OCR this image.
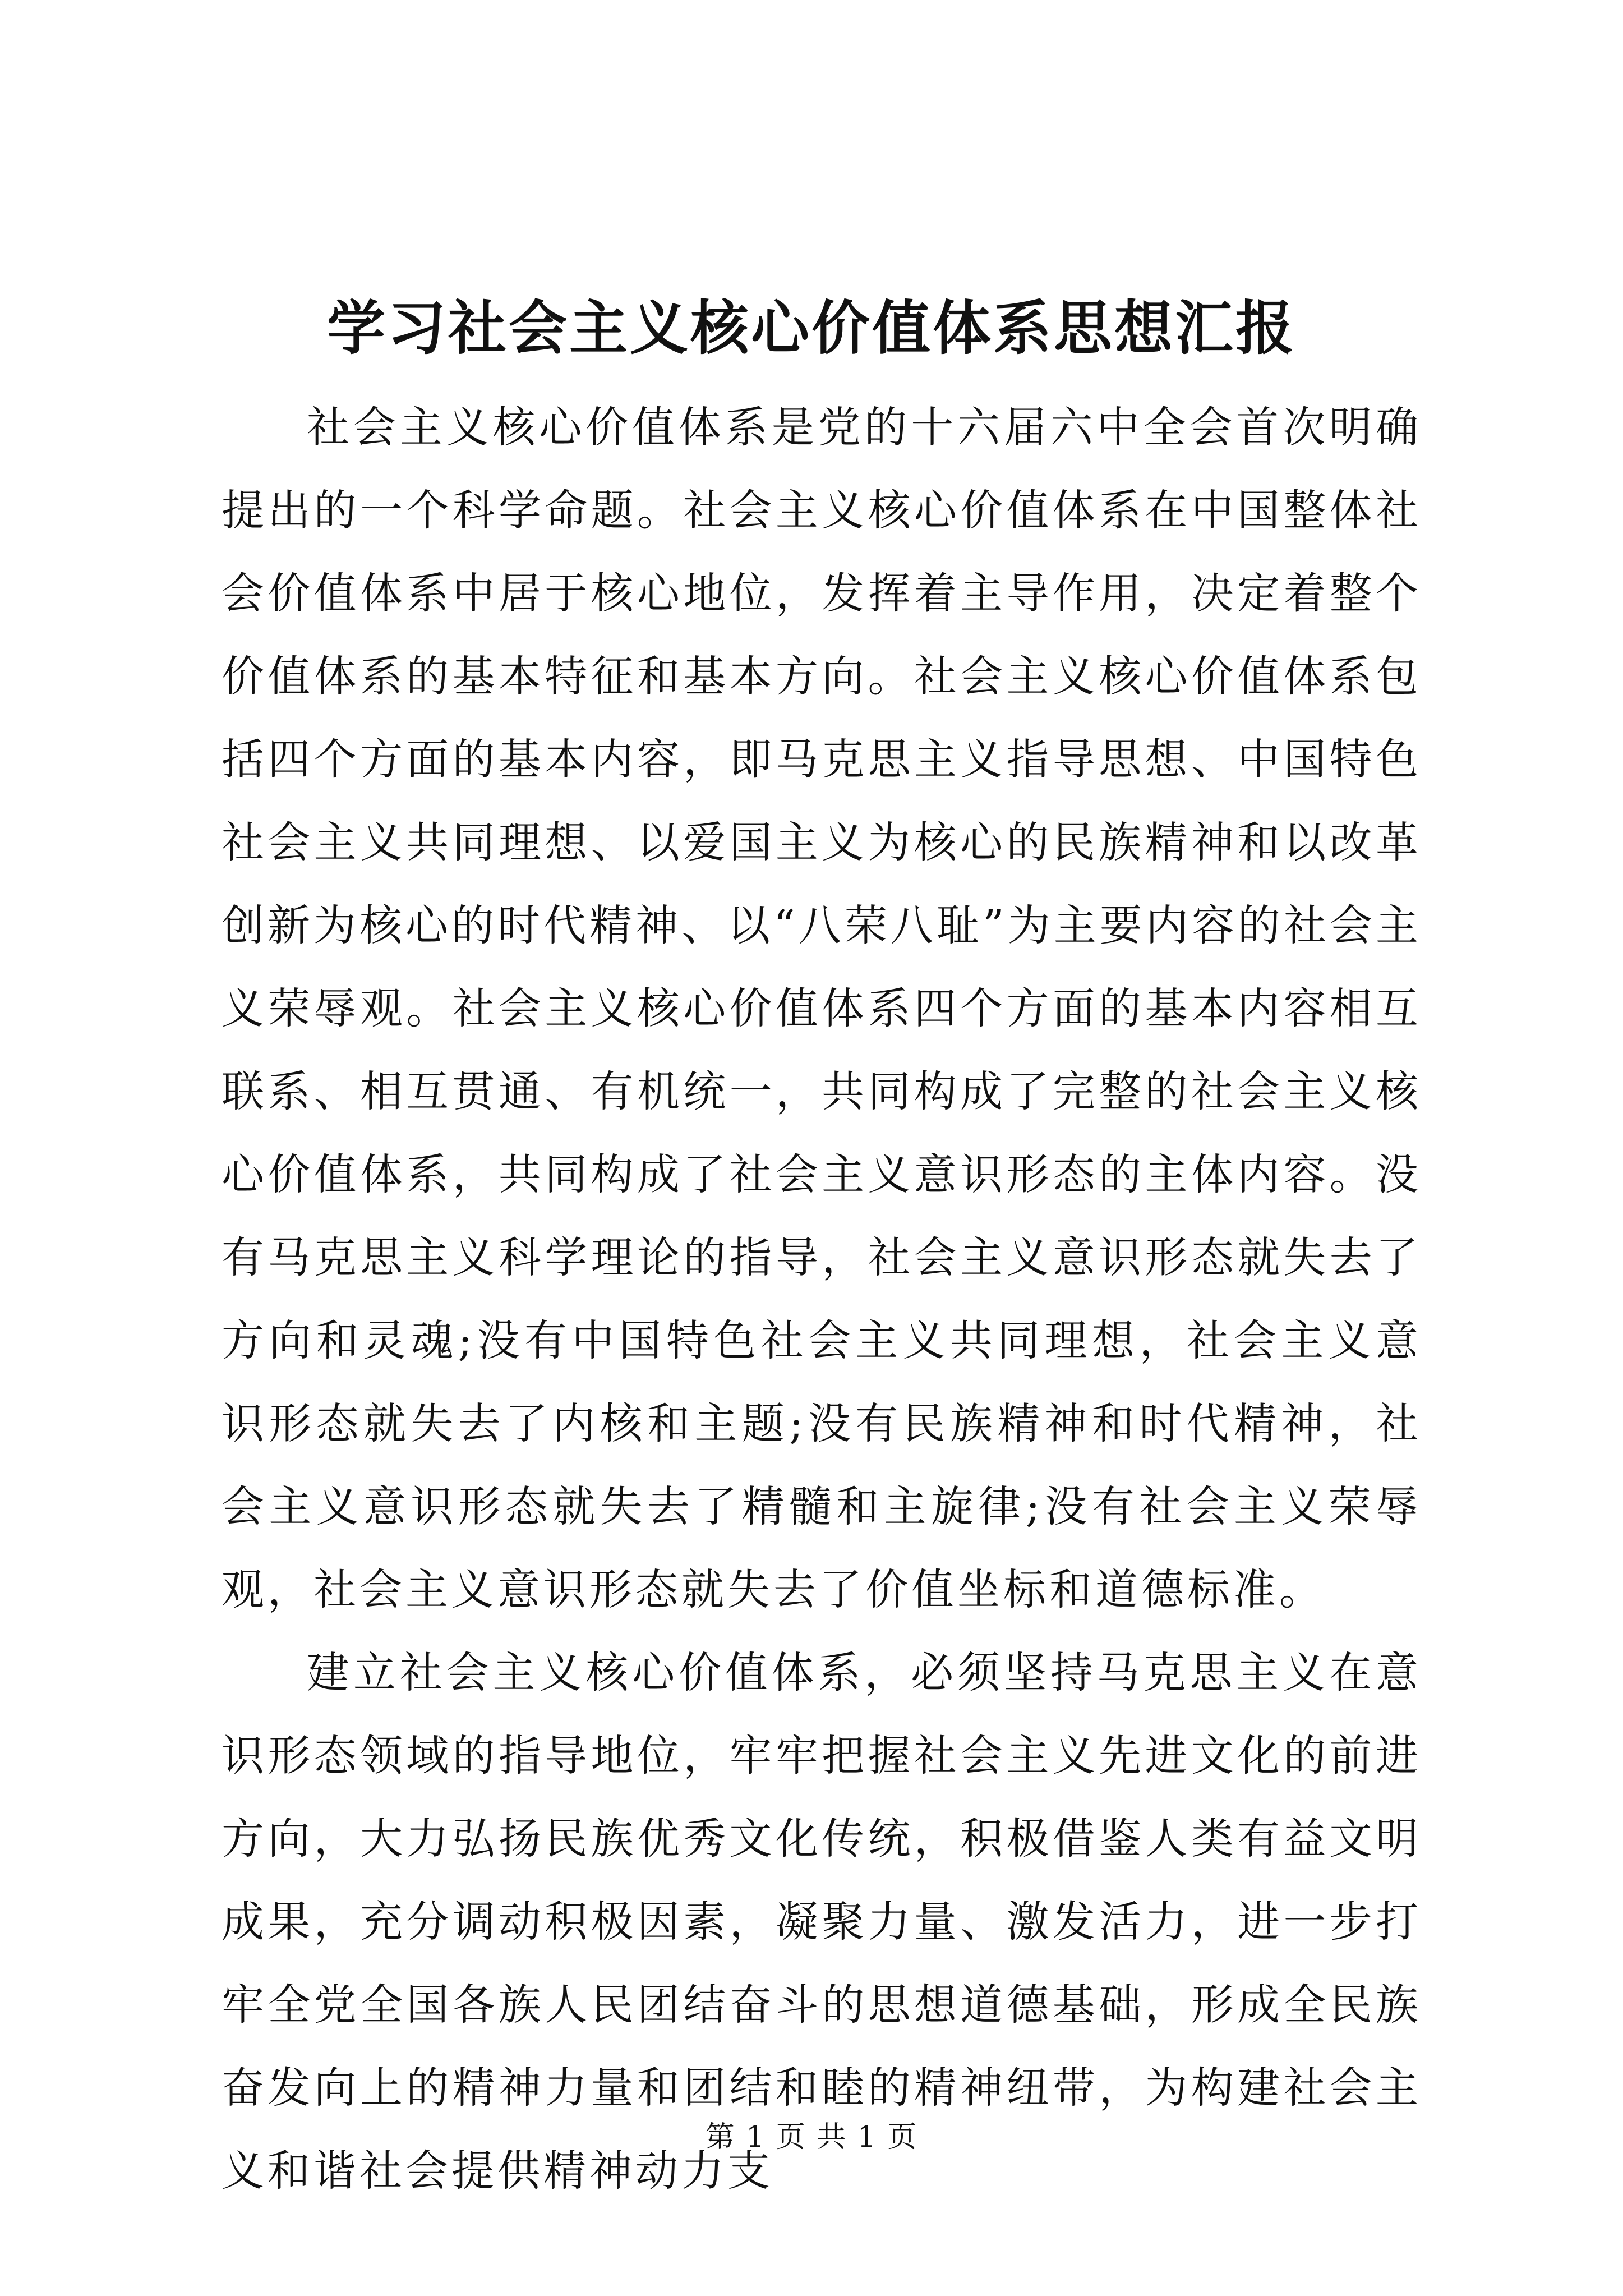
学习社会主义核心价值体系思想汇报

社会主义核心价值体系是党的十六届六中全会首次明确提出的一个科学命题。社会主义核心价值体系在中国整体社会价值体系中居于核心地位，发挥着主导作用，决定着整个价值体系的基本特征和基本方向。社会主义核心价值体系包括四个方面的基本内容，即马克思主义指导思想、中国特色社会主义共同理想、以爱国主义为核心的民族精神和以改革创新为核心的时代精神、以“八荣八耻”为主要内容的社会主义荣辱观。社会主义核心价值体系四个方面的基本内容相互联系、相互贯通、有机统一，共同构成了完整的社会主义核心价值体系，共同构成了社会主义意识形态的主体内容。没有马克思主义科学理论的指导，社会主义意识形态就失去了方向和灵魂;没有中国特色社会主义共同理想，社会主义意识形态就失去了内核和主题;没有民族精神和时代精神，社会主义意识形态就失去了精髓和主旋律;没有社会主义荣辱观，社会主义意识形态就失去了价值坐标和道德标准。

建立社会主义核心价值体系，必须坚持马克思主义在意识形态领域的指导地位，牢牢把握社会主义先进文化的前进方向，大力弘扬民族优秀文化传统，积极借鉴人类有益文明成果，充分调动积极因素，凝聚力量、激发活力，进一步打牢全党全国各族人民团结奋斗的思想道德基础，形成全民族奋发向上的精神力量和团结和睦的精神纽带，为构建社会主义和谐社会提供精神动力支

第 1 页 共 1 页
